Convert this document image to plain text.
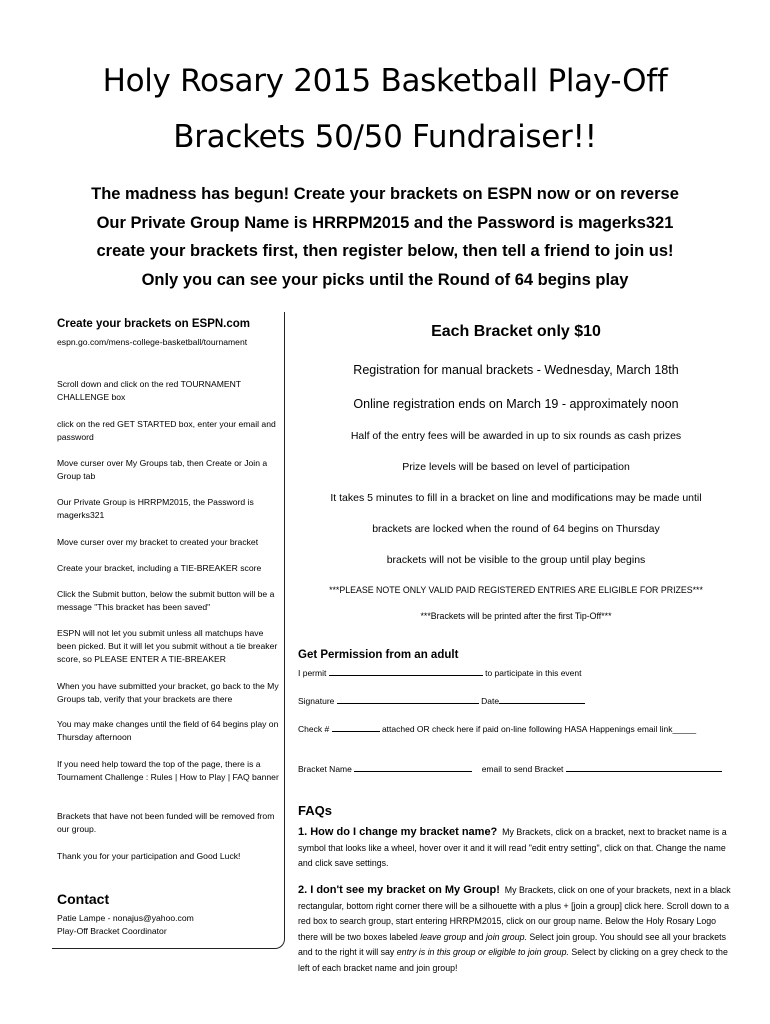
Holy Rosary 2015 Basketball Play-Off
Brackets 50/50 Fundraiser!!
The madness has begun! Create your brackets on ESPN now or on reverse
Our Private Group Name is HRRPM2015 and the Password is magerks321
create your brackets first, then register below, then tell a friend to join us!
Only you can see your picks until the Round of 64 begins play
Create your brackets on ESPN.com
espn.go.com/mens-college-basketball/tournament
Scroll down and click on the red TOURNAMENT CHALLENGE box
click on the red GET STARTED box, enter your email and password
Move curser over My Groups tab, then Create or Join a Group tab
Our Private Group is HRRPM2015, the Password is magerks321
Move curser over my bracket to created your bracket
Create your bracket, including a TIE-BREAKER score
Click the Submit button, below the submit button will be a message "This bracket has been saved"
ESPN will not let you submit unless all matchups have been picked. But it will let you submit without a tie breaker score, so PLEASE ENTER A TIE-BREAKER
When you have submitted your bracket, go back to the My Groups tab, verify that your brackets are there
You may make changes until the field of 64 begins play on Thursday afternoon
If you need help toward the top of the page, there is a Tournament Challenge : Rules | How to Play | FAQ banner
Brackets that have not been funded will be removed from our group.
Thank you for your participation and Good Luck!
Contact
Patie Lampe - nonajus@yahoo.com
Play-Off Bracket Coordinator
Each Bracket only $10
Registration for manual brackets - Wednesday, March 18th
Online registration ends on March 19 - approximately noon
Half of the entry fees will be awarded in up to six rounds as cash prizes
Prize levels will be based on level of participation
It takes 5 minutes to fill in a bracket on line and modifications may be made until
brackets are locked when the round of 64 begins on Thursday
brackets will not be visible to the group until play begins
***PLEASE NOTE ONLY VALID PAID REGISTERED ENTRIES ARE ELIGIBLE FOR PRIZES***
***Brackets will be printed after the first Tip-Off***
Get Permission from an adult
I permit	to participate in this event
Signature	Date
Check #	attached OR check here if paid on-line following HASA Happenings email link_____
Bracket Name	email to send Bracket
FAQs
1. How do I change my bracket name? My Brackets, click on a bracket, next to bracket name is a symbol that looks like a wheel, hover over it and it will read "edit entry setting", click on that. Change the name and click save settings.
2. I don't see my bracket on My Group! My Brackets, click on one of your brackets, next in a black rectangular, bottom right corner there will be a silhouette with a plus + [join a group] click here. Scroll down to a red box to search group, start entering HRRPM2015, click on our group name. Below the Holy Rosary Logo there will be two boxes labeled leave group and join group. Select join group. You should see all your brackets and to the right it will say entry is in this group or eligible to join group. Select by clicking on a grey check to the left of each bracket name and join group!
